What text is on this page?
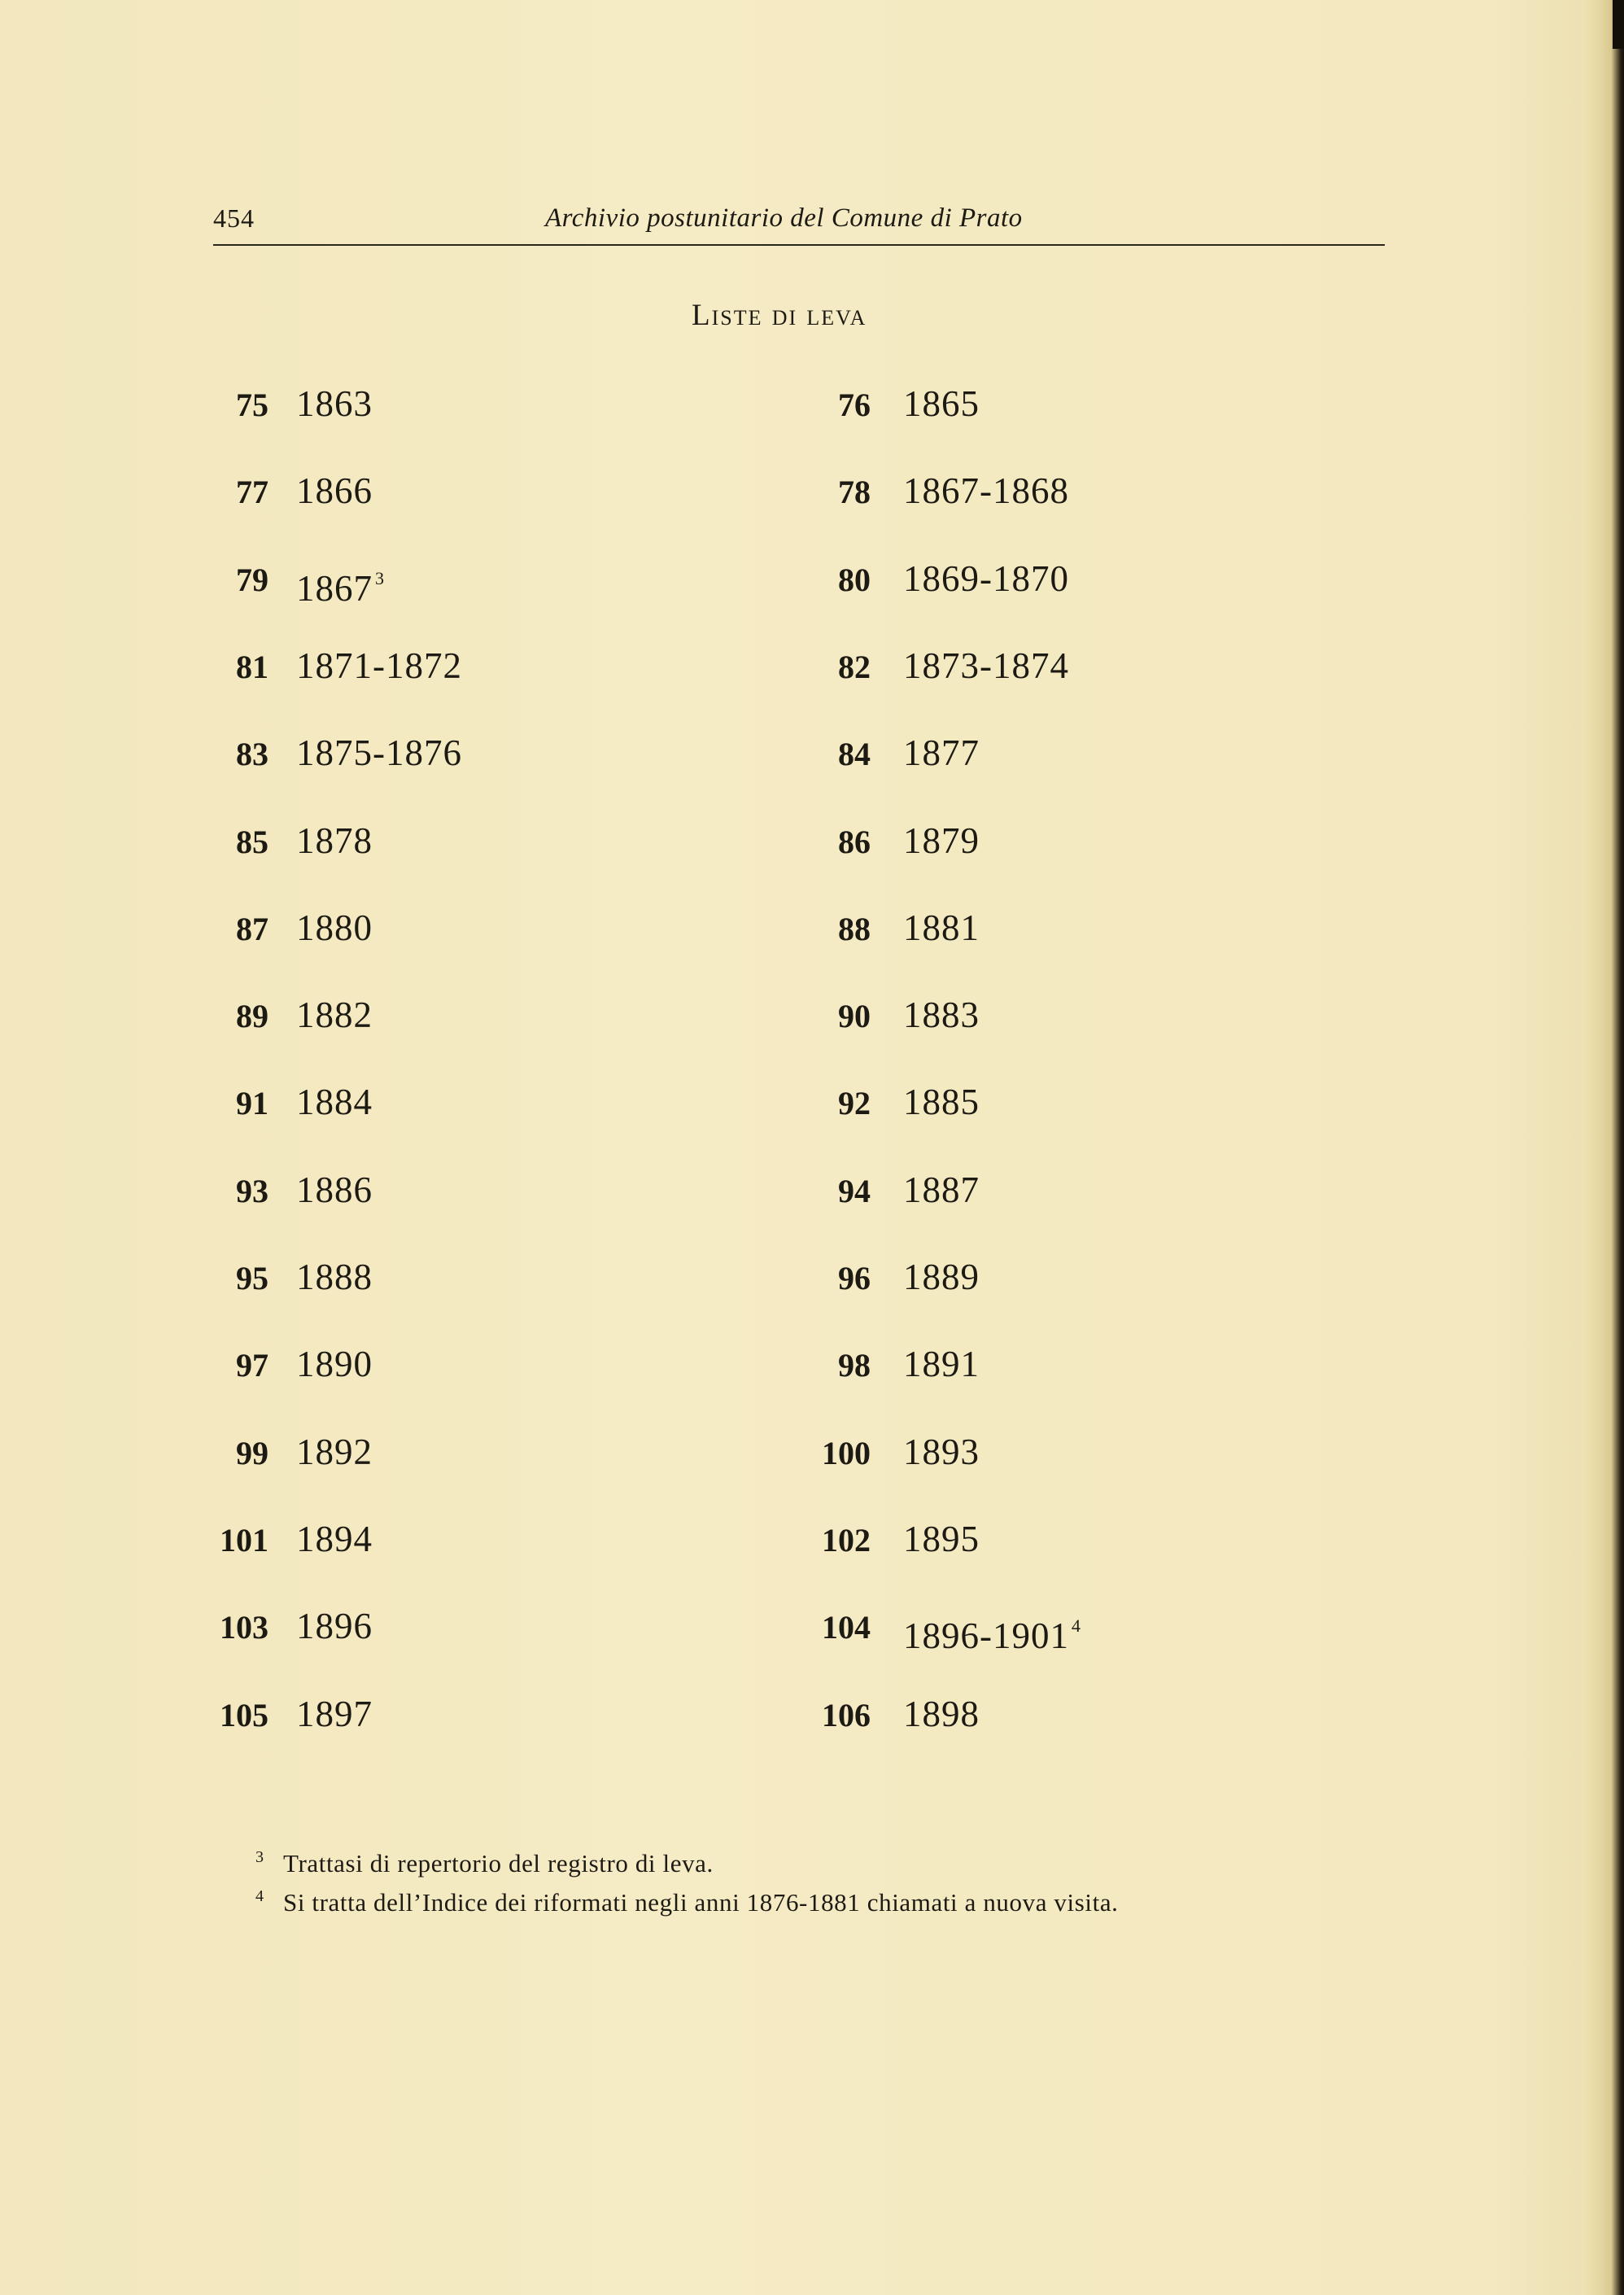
454	Archivio postunitario del Comune di Prato
Liste di leva
75 1863	76 1865
77 1866	78 1867-1868
79 1867 $^3$	80 1869-1870
81 1871-1872	82 1873-1874
83 1875-1876	84 1877
85 1878	86 1879
87 1880	88 1881
89 1882	90 1883
91 1884	92 1885
93 1886	94 1887
95 1888	96 1889
97 1890	98 1891
99 1892	100 1893
101 1894	102 1895
103 1896	104 1896-1901 $^4$
105 1897	106 1898
3 Trattasi di repertorio del registro di leva.
4 Si tratta dell’Indice dei riformati negli anni 1876-1881 chiamati a nuova visita.
